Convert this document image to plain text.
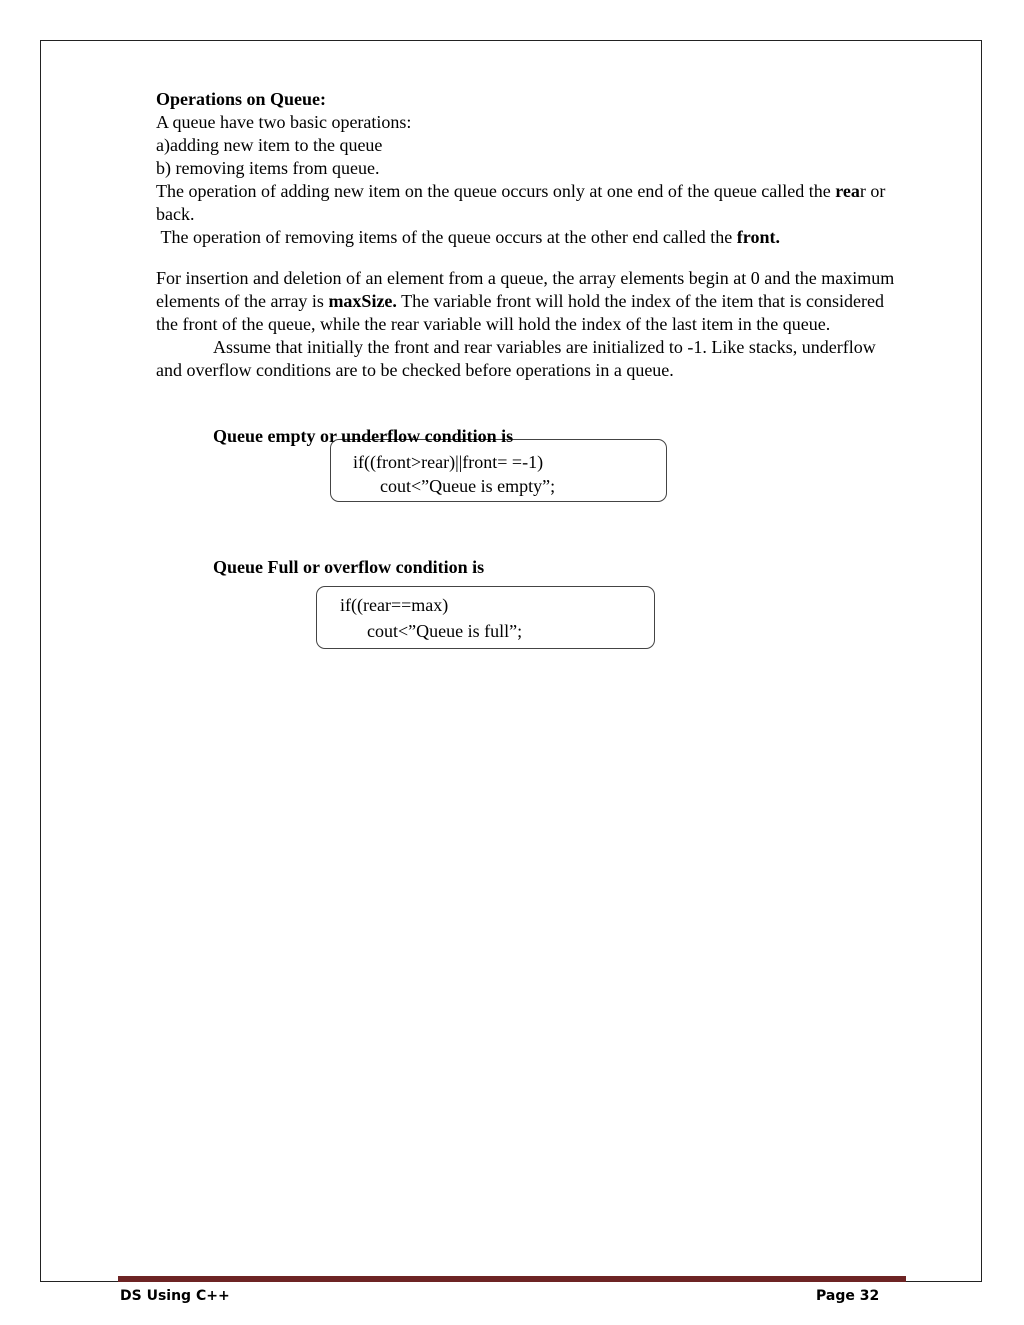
Operations on Queue:

A queue have two basic operations:

a)adding new item to the queue

b) removing items from queue.

The operation of adding new item on the queue occurs only at one end of the queue called the rear or back.

The operation of removing items of the queue occurs at the other end called the front.

For insertion and deletion of an element from a queue, the array elements begin at 0 and the maximum elements of the array is maxSize. The variable front will hold the index of the item that is considered the front of the queue, while the rear variable will hold the index of the last item in the queue.

Assume that initially the front and rear variables are initialized to -1. Like stacks, underflow and overflow conditions are to be checked before operations in a queue.

if((front>rear)||front= =-1)
cout<”Queue is empty”;
Queue empty or underflow condition is
Queue Full or overflow condition is
if((rear==max)
cout<”Queue is full”;
DS Using C++	Page 32
